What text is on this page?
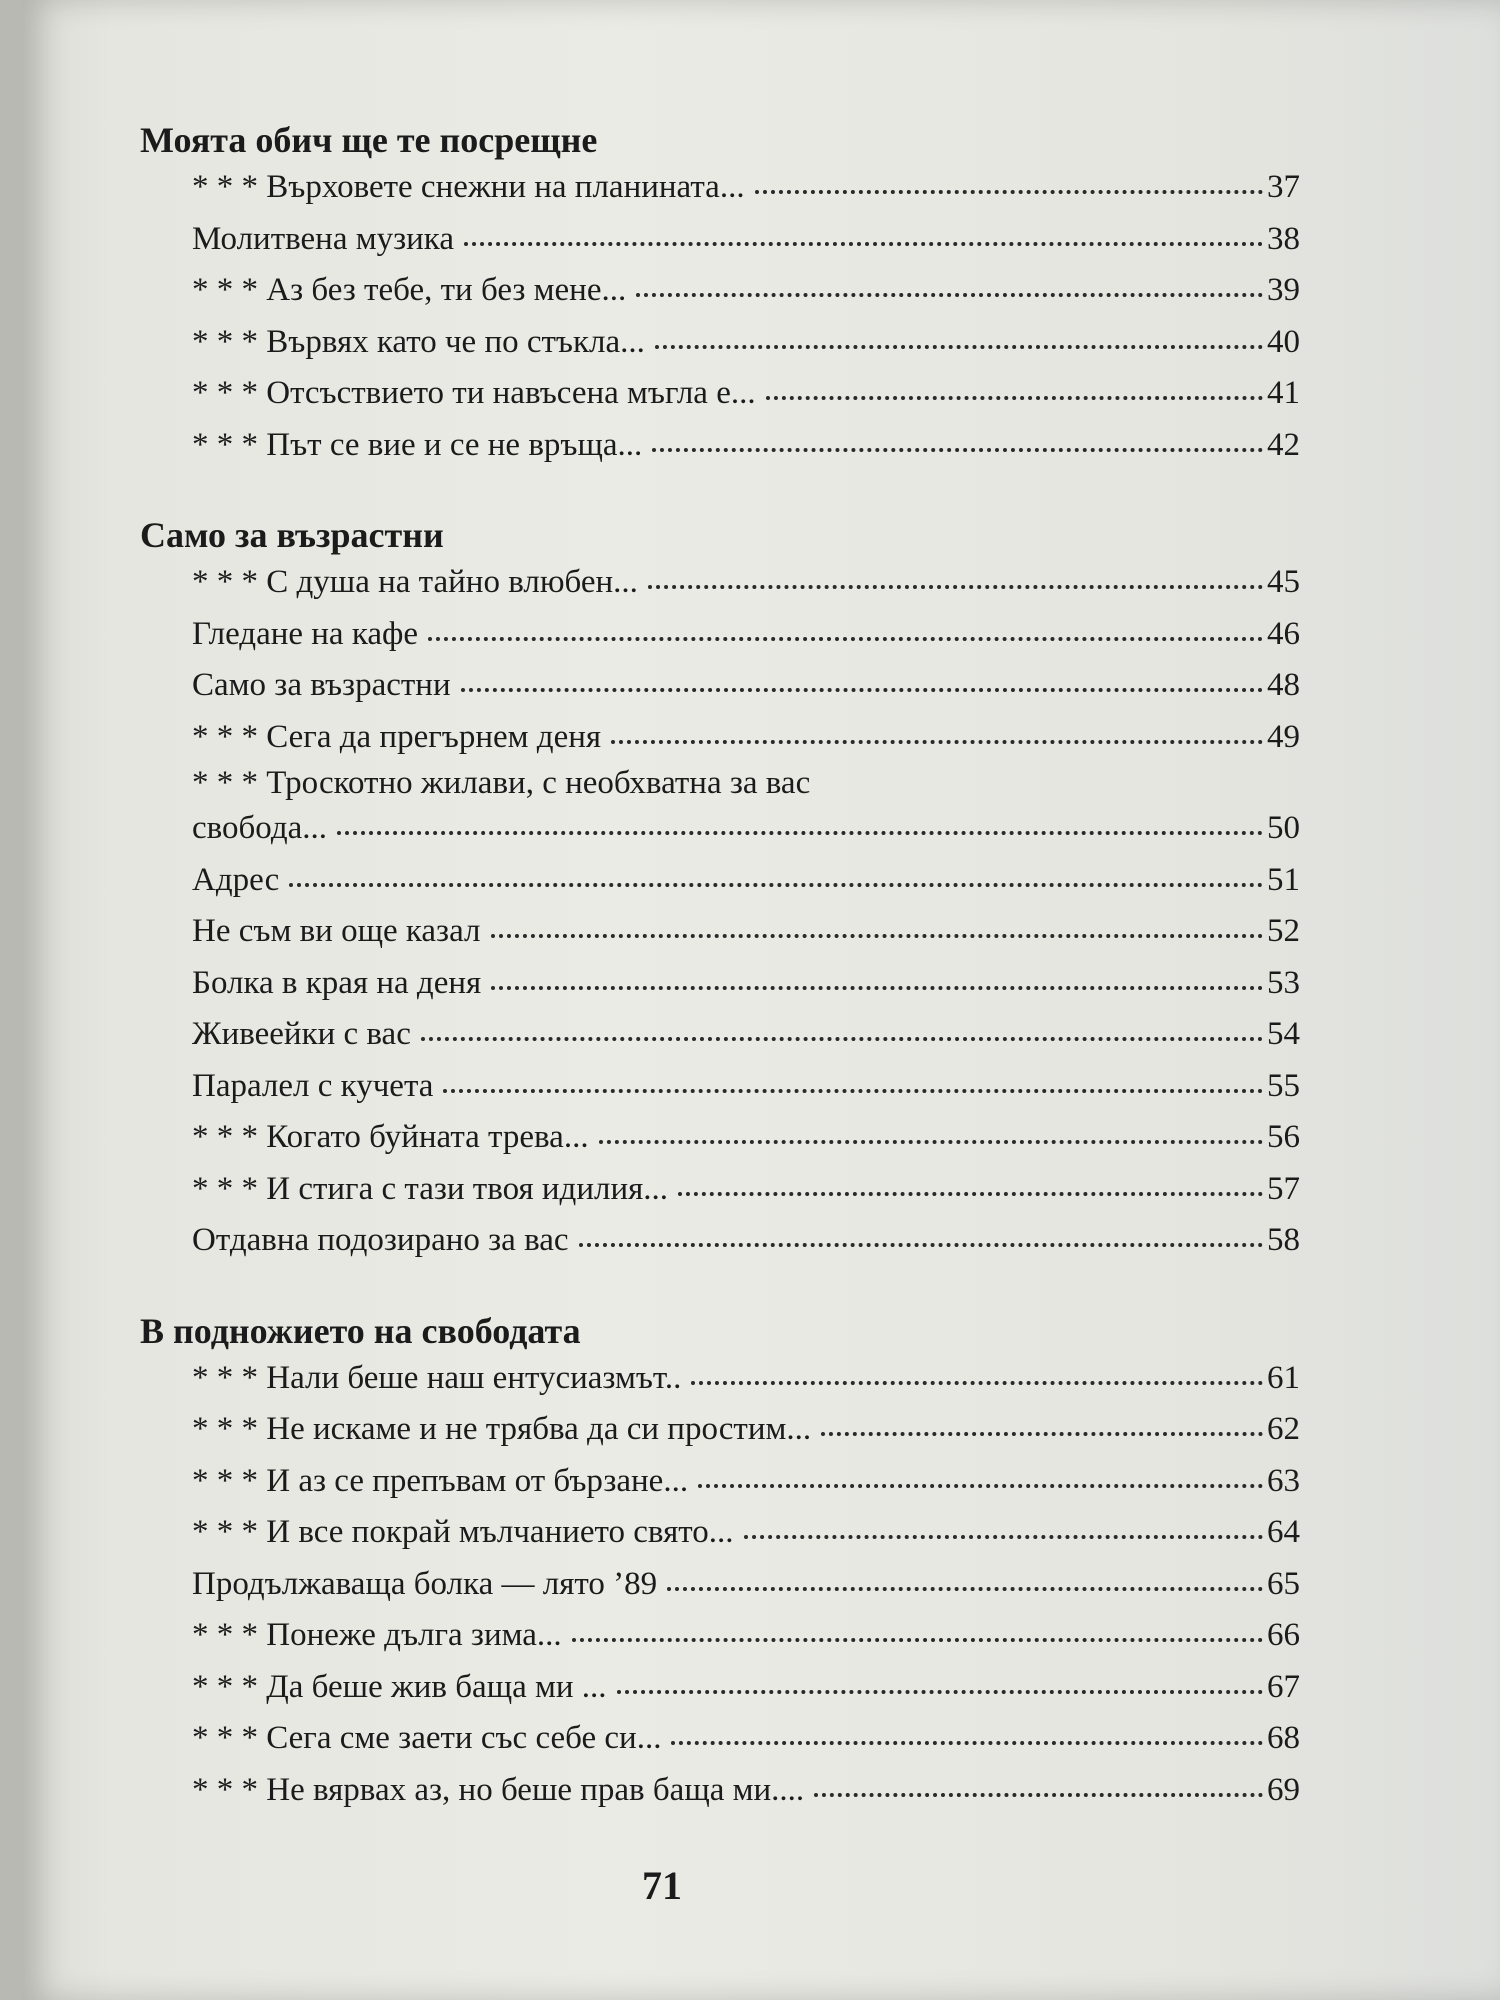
Моята обич ще те посрещне
* * * Върховете снежни на планината...	37
Молитвена музика	38
* * * Аз без тебе, ти без мене...	39
* * * Вървях като че по стъкла...	40
* * * Отсъствието ти навъсена мъгла е...	41
* * * Път се вие и се не връща...	42
Само за възрастни
* * * С душа на тайно влюбен...	45
Гледане на кафе	46
Само за възрастни	48
* * * Сега да прегърнем деня	49
* * * Троскотно жилави, с необхватна за вас
свобода...	50
Адрес	51
Не съм ви още казал	52
Болка в края на деня	53
Живеейки с вас	54
Паралел с кучета	55
* * * Когато буйната трева...	56
* * * И стига с тази твоя идилия...	57
Отдавна подозирано за вас	58
В подножието на свободата
* * * Нали беше наш ентусиазмът..	61
* * * Не искаме и не трябва да си простим...	62
* * * И аз се препъвам от бързане...	63
* * * И все покрай мълчанието свято...	64
Продължаваща болка — лято ’89	65
* * * Понеже дълга зима...	66
* * * Да беше жив баща ми ...	67
* * * Сега сме заети със себе си...	68
* * * Не вярвах аз, но беше прав баща ми....	69
71
